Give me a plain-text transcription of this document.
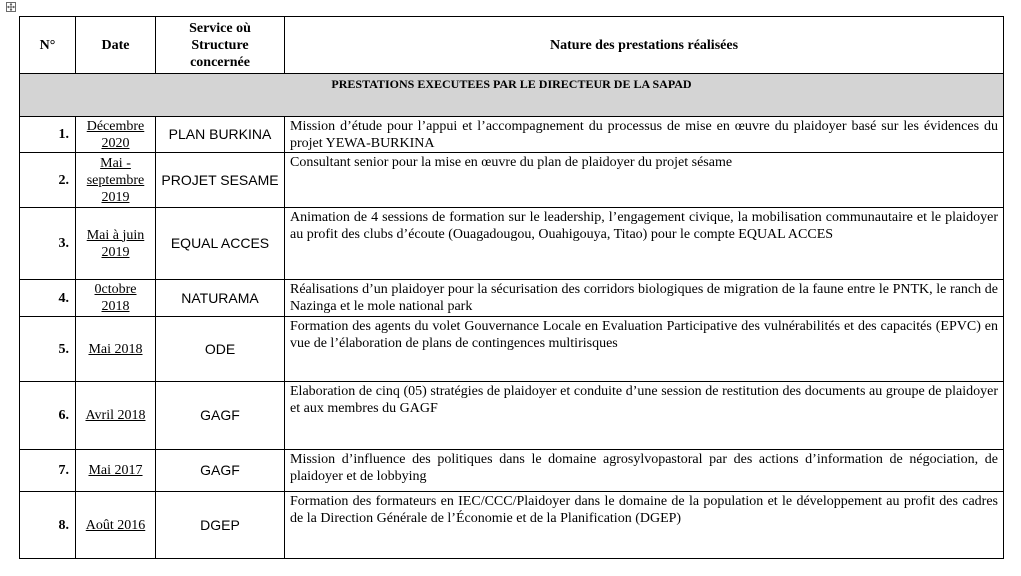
N°	Date	Service où Structure concernée	Nature des prestations réalisées
PRESTATIONS EXECUTEES PAR LE DIRECTEUR DE LA SAPAD			
1.	Décembre 2020	PLAN BURKINA	Mission d’étude pour l’appui et l’accompagnement du processus de mise en œuvre du plaidoyer basé sur les évidences du projet YEWA-BURKINA
2.	Mai - septembre 2019	PROJET SESAME	Consultant senior pour la mise en œuvre du plan de plaidoyer du projet sésame
3.	Mai à juin 2019	EQUAL ACCES	Animation de 4 sessions de formation sur le leadership, l’engagement civique, la mobilisation communautaire et le plaidoyer au profit des clubs d’écoute (Ouagadougou, Ouahigouya, Titao) pour le compte EQUAL ACCES
4.	0ctobre 2018	NATURAMA	Réalisations d’un plaidoyer pour la sécurisation des corridors biologiques de migration de la faune entre le PNTK, le ranch de Nazinga et le mole national park
5.	Mai 2018	ODE	Formation des agents du volet Gouvernance Locale en Evaluation Participative des vulnérabilités et des capacités (EPVC) en vue de l’élaboration de plans de contingences multirisques
6.	Avril 2018	GAGF	Elaboration de cinq (05) stratégies de plaidoyer et conduite d’une session de restitution des documents au groupe de plaidoyer et aux membres du GAGF
7.	Mai 2017	GAGF	Mission d’influence des politiques dans le domaine agrosylvopastoral par des actions d’information de négociation, de plaidoyer et de lobbying
8.	Août 2016	DGEP	Formation des formateurs en IEC/CCC/Plaidoyer dans le domaine de la population et le développement au profit des cadres de la Direction Générale de l’Économie et de la Planification (DGEP)
